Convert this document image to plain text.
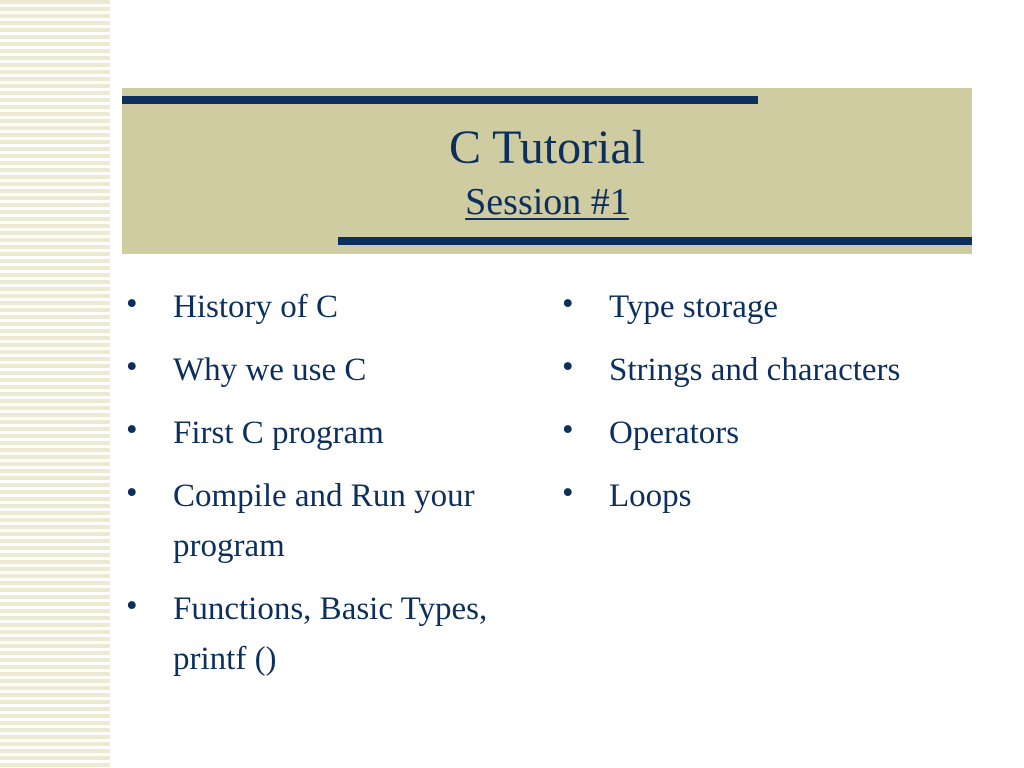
C Tutorial
Session #1
• History of C
• Why we use C
• First C program
• Compile and Run your program
• Functions, Basic Types, printf ()
• Type storage
• Strings and characters
• Operators
• Loops
